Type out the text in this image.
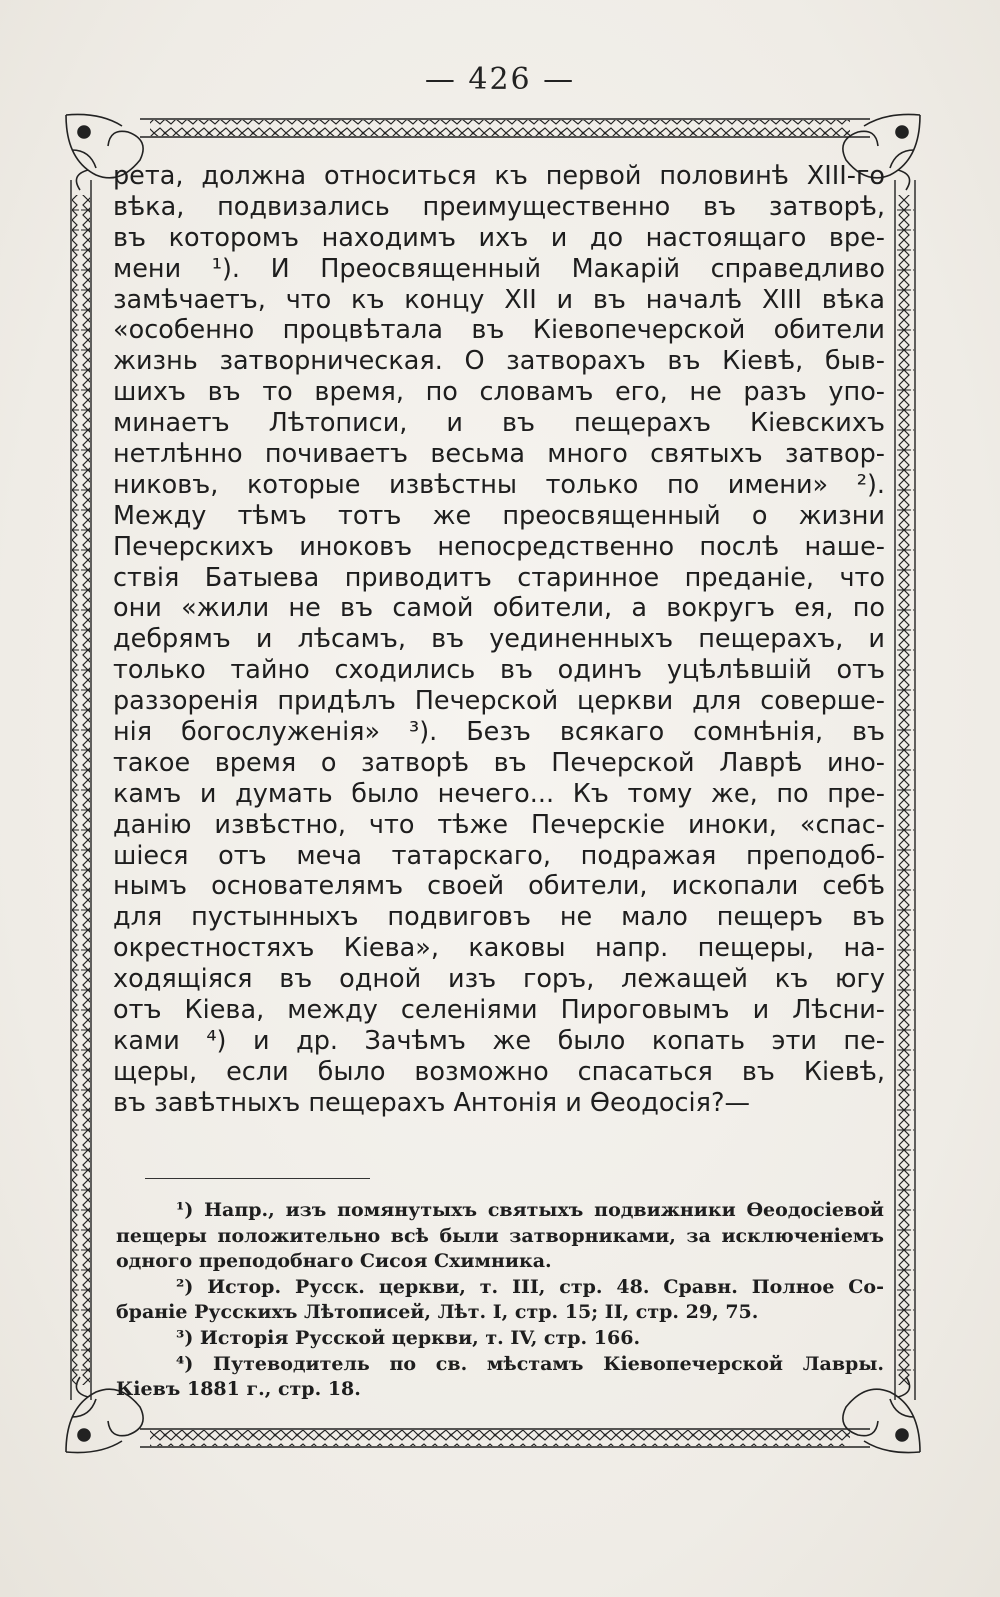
— 426 —
рета, должна относиться къ первой половинѣ XIII-го
вѣка, подвизались преимущественно въ затворѣ,
въ которомъ находимъ ихъ и до настоящаго вре-
мени ¹). И Преосвященный Макарій справедливо
замѣчаетъ, что къ концу XII и въ началѣ XIII вѣка
«особенно процвѣтала въ Кіевопечерской обители
жизнь затворническая. О затворахъ въ Кіевѣ, быв-
шихъ въ то время, по словамъ его, не разъ упо-
минаетъ Лѣтописи, и въ пещерахъ Кіевскихъ
нетлѣнно почиваетъ весьма много святыхъ затвор-
никовъ, которые извѣстны только по имени» ²).
Между тѣмъ тотъ же преосвященный о жизни
Печерскихъ иноковъ непосредственно послѣ наше-
ствія Батыева приводитъ старинное преданіе, что
они «жили не въ самой обители, а вокругъ ея, по
дебрямъ и лѣсамъ, въ уединенныхъ пещерахъ, и
только тайно сходились въ одинъ уцѣлѣвшій отъ
раззоренія придѣлъ Печерской церкви для соверше-
нія богослуженія» ³). Безъ всякаго сомнѣнія, въ
такое время о затворѣ въ Печерской Лаврѣ ино-
камъ и думать было нечего... Къ тому же, по пре-
данію извѣстно, что тѣже Печерскіе иноки, «спас-
шіеся отъ меча татарскаго, подражая преподоб-
нымъ основателямъ своей обители, ископали себѣ
для пустынныхъ подвиговъ не мало пещеръ въ
окрестностяхъ Кіева», каковы напр. пещеры, на-
ходящіяся въ одной изъ горъ, лежащей къ югу
отъ Кіева, между селеніями Пироговымъ и Лѣсни-
ками ⁴) и др. Зачѣмъ же было копать эти пе-
щеры, если было возможно спасаться въ Кіевѣ,
въ завѣтныхъ пещерахъ Антонія и Ѳеодосія?—
¹) Напр., изъ помянутыхъ святыхъ подвижники Ѳеодосіевой
пещеры положительно всѣ были затворниками, за исключеніемъ
одного преподобнаго Сисоя Схимника.
²) Истор. Русск. церкви, т. III, стр. 48. Сравн. Полное Со-
браніе Русскихъ Лѣтописей, Лѣт. I, стр. 15; II, стр. 29, 75.
³) Исторія Русской церкви, т. IV, стр. 166.
⁴) Путеводитель по св. мѣстамъ Кіевопечерской Лавры.
Кіевъ 1881 г., стр. 18.
